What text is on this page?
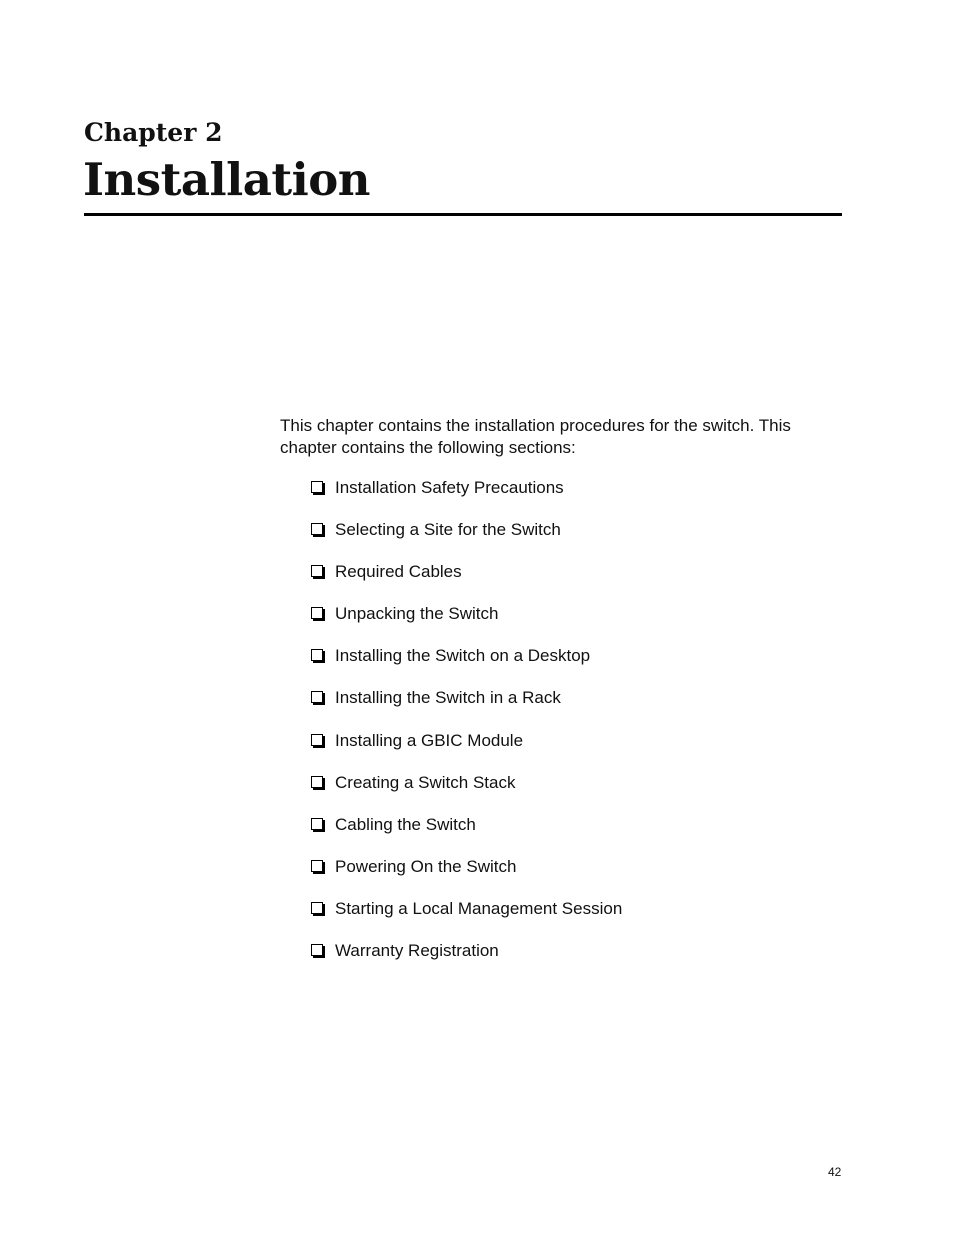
Chapter 2
Installation

This chapter contains the installation procedures for the switch. This chapter contains the following sections:

Installation Safety Precautions
Selecting a Site for the Switch
Required Cables
Unpacking the Switch
Installing the Switch on a Desktop
Installing the Switch in a Rack
Installing a GBIC Module
Creating a Switch Stack
Cabling the Switch
Powering On the Switch
Starting a Local Management Session
Warranty Registration
42
